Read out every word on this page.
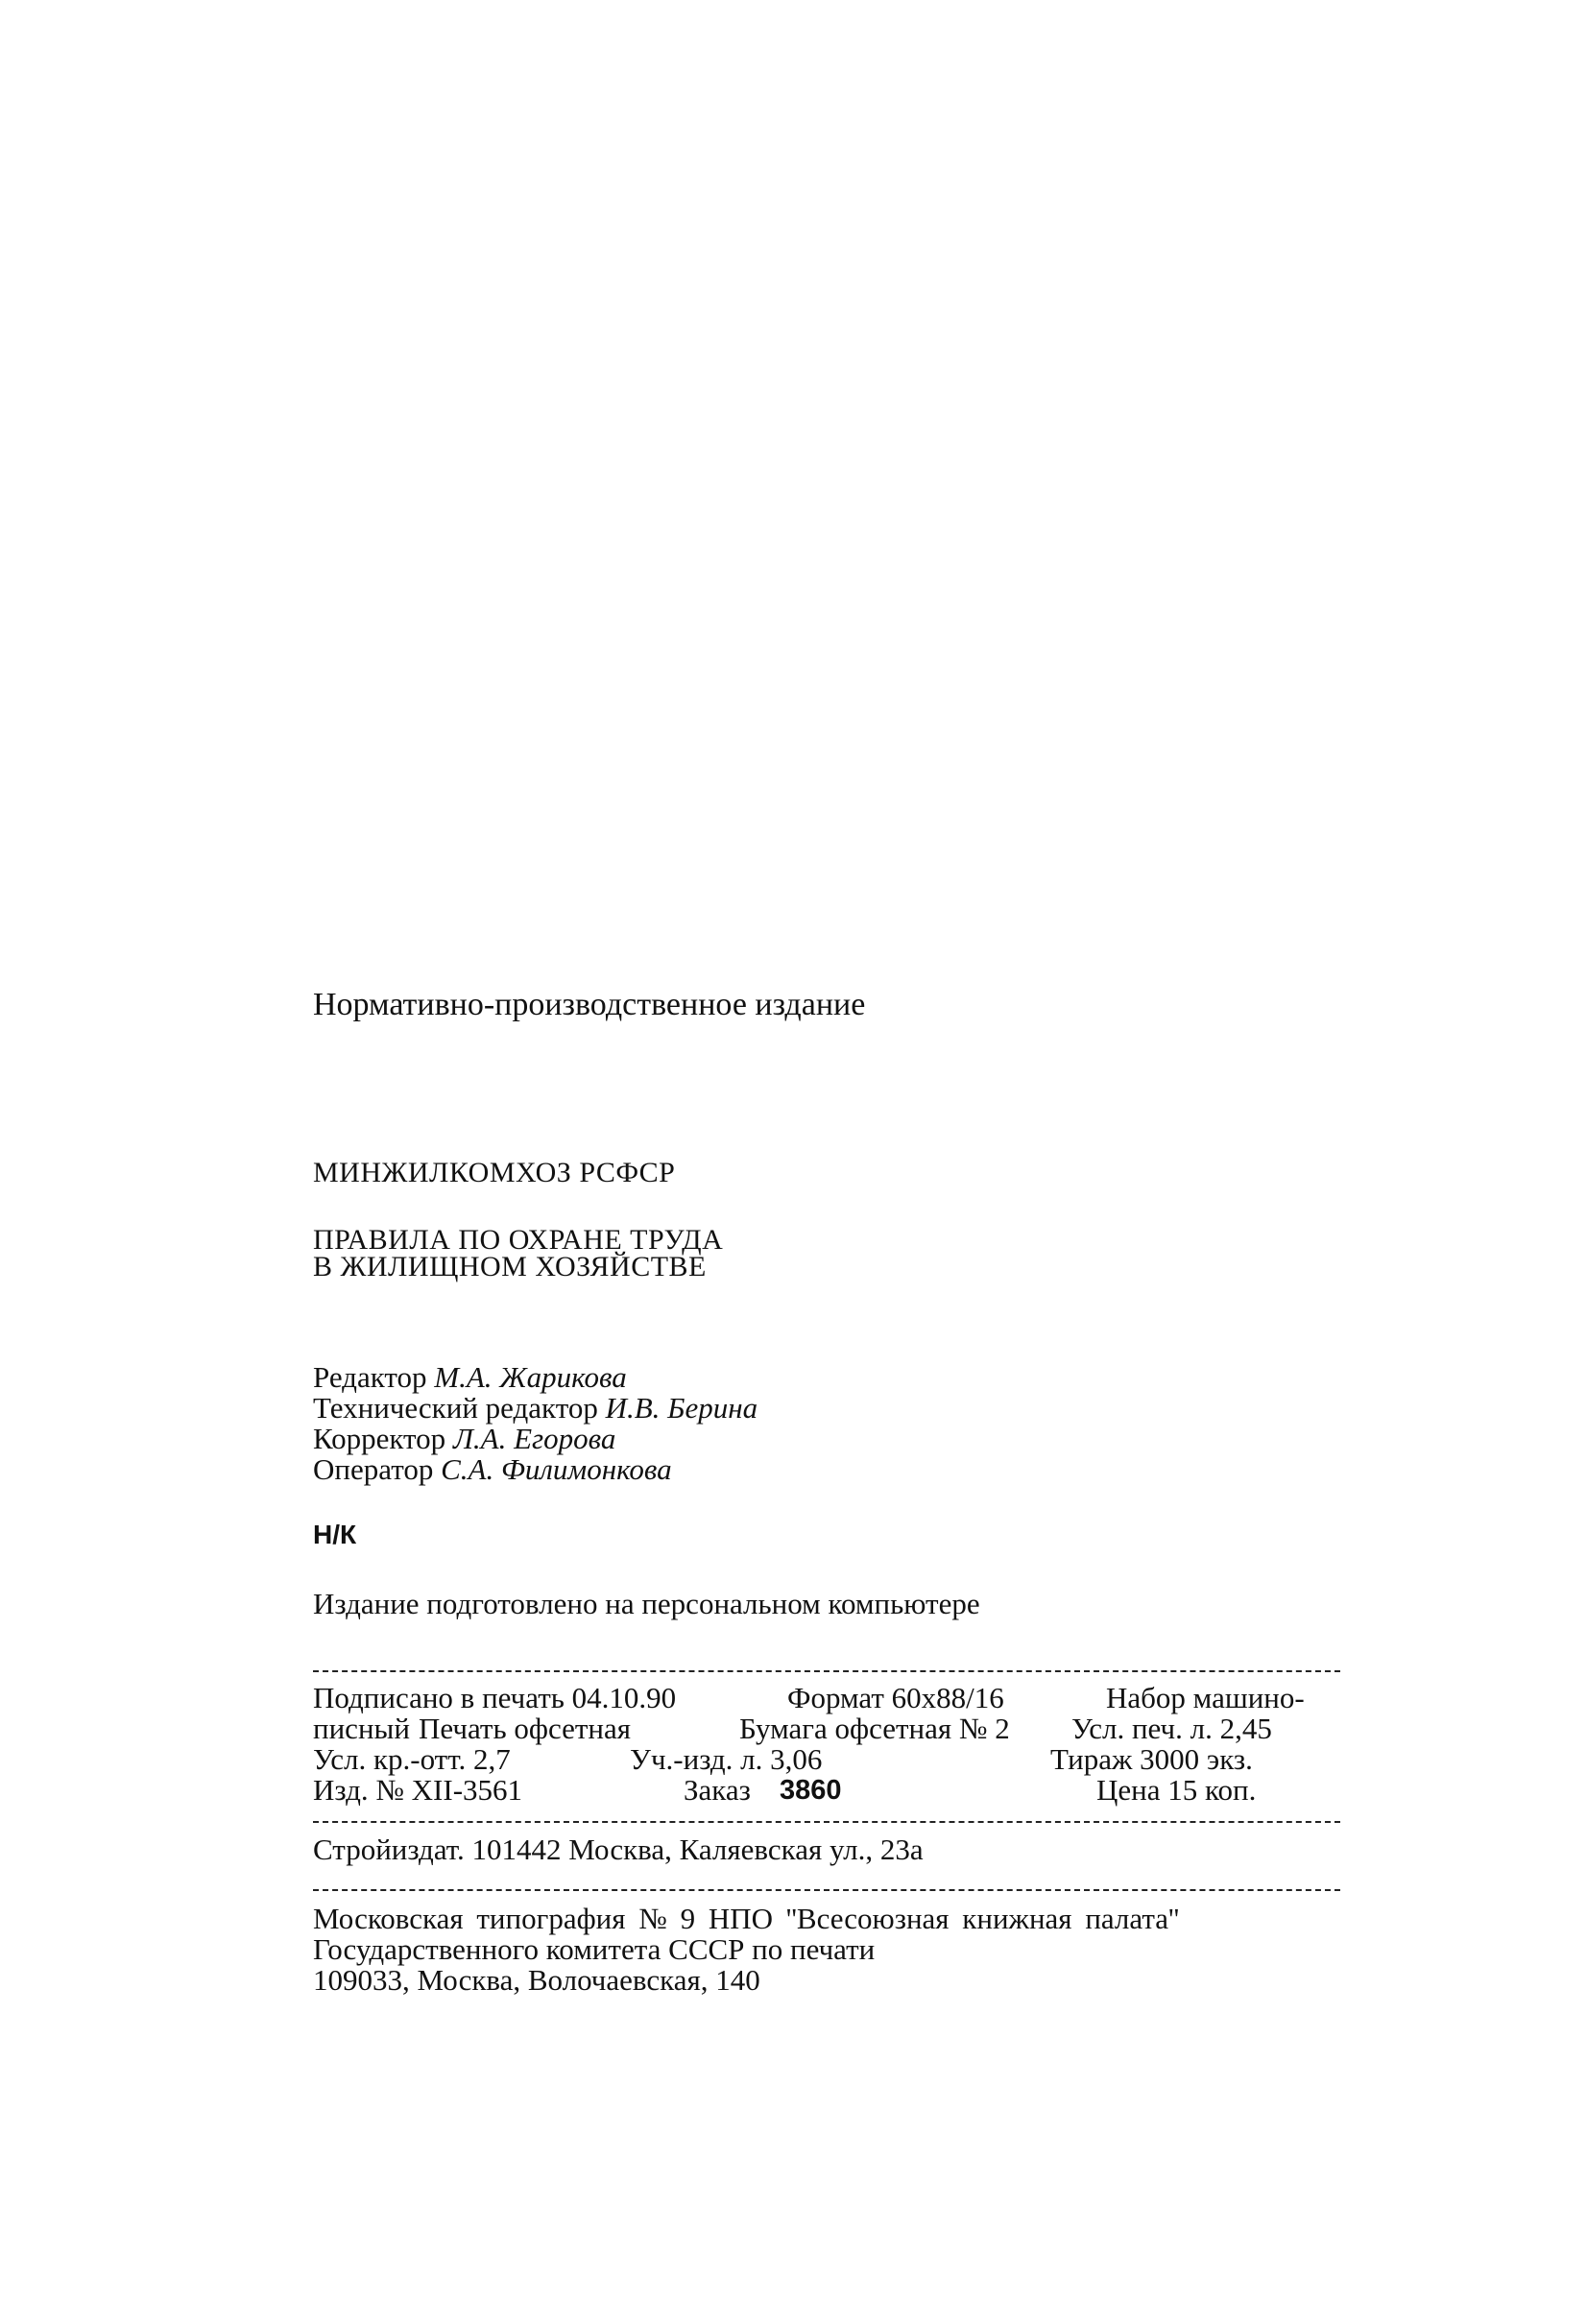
Нормативно-производственное издание
МИНЖИЛКОМХОЗ РСФСР
ПРАВИЛА ПО ОХРАНЕ ТРУДА
В ЖИЛИЩНОМ ХОЗЯЙСТВЕ
Редактор М.А. Жарикова
Технический редактор И.В. Берина
Корректор Л.А. Егорова
Оператор С.А. Филимонкова
Н/К
Издание подготовлено на персональном компьютере
Подписано в печать 04.10.90	Формат 60х88/16	Набор машино-
писный Печать офсетная	Бумага офсетная № 2 Усл. печ. л. 2,45
Усл. кр.-отт. 2,7	Уч.-изд. л. 3,06	Тираж 3000 экз.
Изд. № XII-3561	Заказ 3860	Цена 15 коп.
Стройиздат. 101442 Москва, Каляевская ул., 23а
Московская типография № 9 НПО ''Всесоюзная книжная палата''
Государственного комитета СССР по печати
109033, Москва, Волочаевская, 140
